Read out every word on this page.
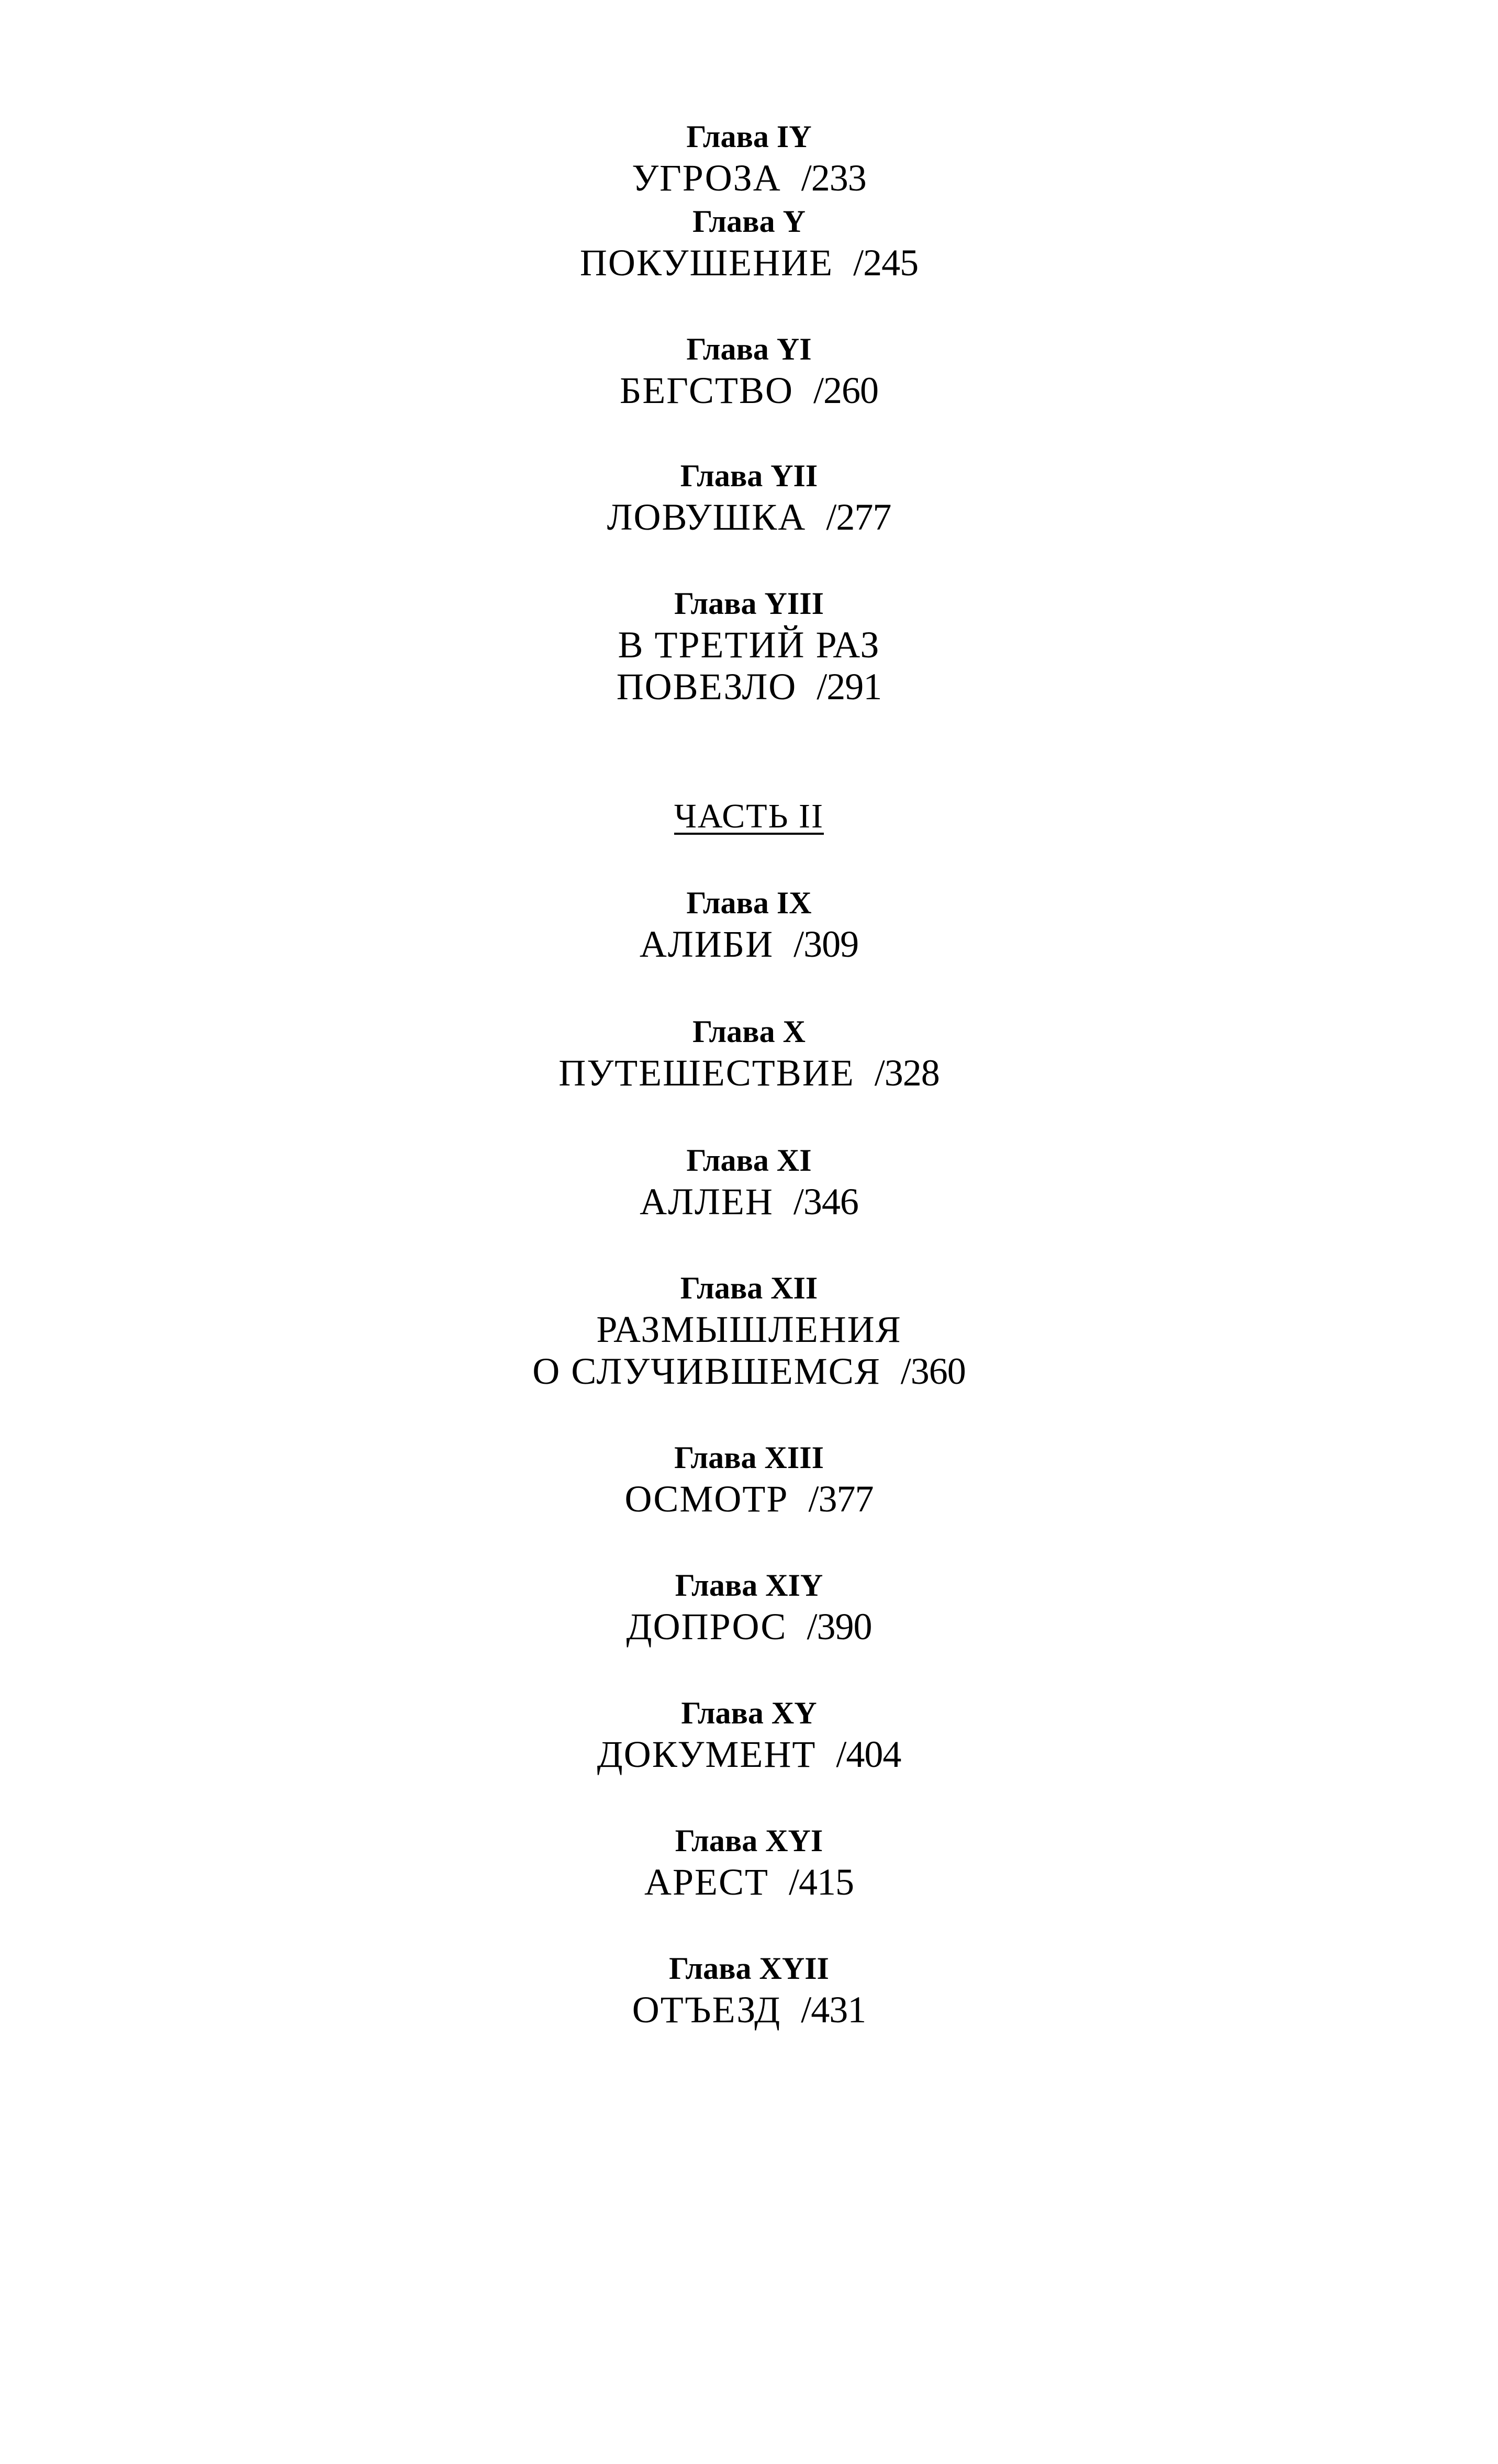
Глава IY
УГРОЗА /233
Глава Y
ПОКУШЕНИЕ /245
Глава YI
БЕГСТВО /260
Глава YII
ЛОВУШКА /277
Глава YIII
В ТРЕТИЙ РАЗ
ПОВЕЗЛО /291
ЧАСТЬ II
Глава IX
АЛИБИ /309
Глава X
ПУТЕШЕСТВИЕ /328
Глава XI
АЛЛЕН /346
Глава XII
РАЗМЫШЛЕНИЯ
О СЛУЧИВШЕМСЯ /360
Глава XIII
ОСМОТР /377
Глава XIY
ДОПРОС /390
Глава XY
ДОКУМЕНТ /404
Глава XYI
АРЕСТ /415
Глава XYII
ОТЪЕЗД /431
